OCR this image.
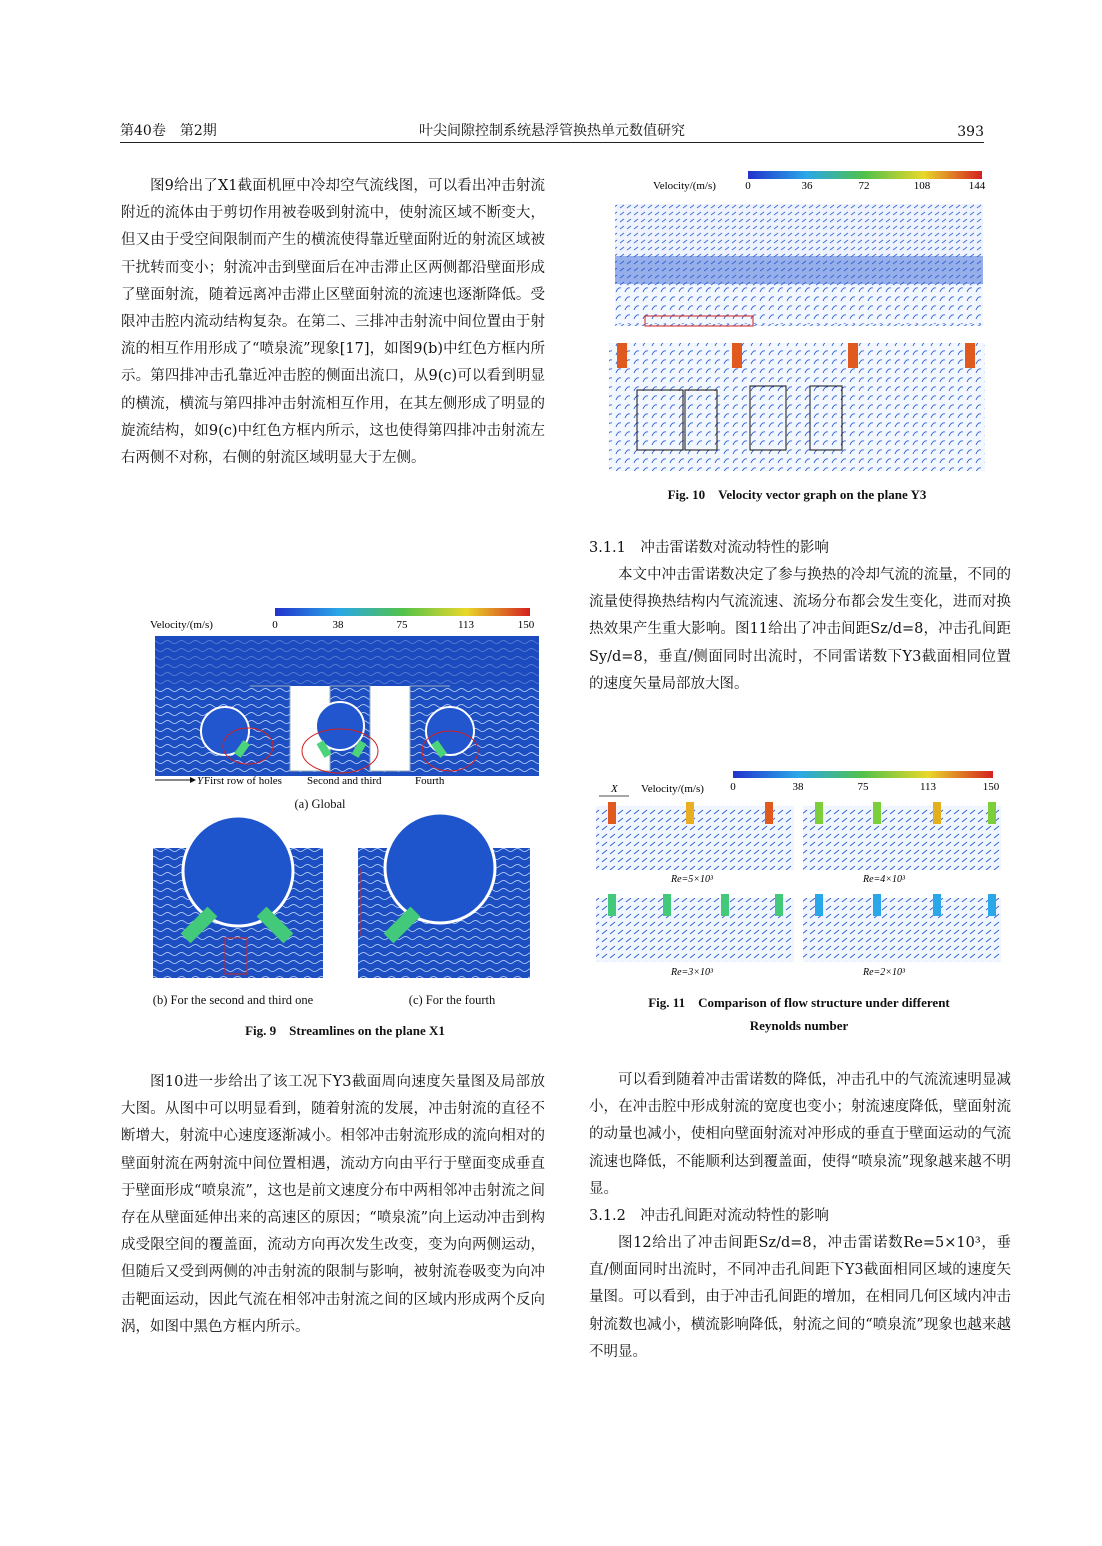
第40卷　第2期	叶尖间隙控制系统悬浮管换热单元数值研究	393

图9给出了X1截面机匣中冷却空气流线图，可以看出冲击射流附近的流体由于剪切作用被卷吸到射流中，使射流区域不断变大，但又由于受空间限制而产生的横流使得靠近壁面附近的射流区域被干扰转而变小；射流冲击到壁面后在冲击滞止区两侧都沿壁面形成了壁面射流，随着远离冲击滞止区壁面射流的流速也逐渐降低。受限冲击腔内流动结构复杂。在第二、三排冲击射流中间位置由于射流的相互作用形成了“喷泉流”现象[17]，如图9(b)中红色方框内所示。第四排冲击孔靠近冲击腔的侧面出流口，从9(c)可以看到明显的横流，横流与第四排冲击射流相互作用，在其左侧形成了明显的旋流结构，如9(c)中红色方框内所示，这也使得第四排冲击射流左右两侧不对称，右侧的射流区域明显大于左侧。

图10进一步给出了该工况下Y3截面周向速度矢量图及局部放大图。从图中可以明显看到，随着射流的发展，冲击射流的直径不断增大，射流中心速度逐渐减小。相邻冲击射流形成的流向相对的壁面射流在两射流中间位置相遇，流动方向由平行于壁面变成垂直于壁面形成“喷泉流”，这也是前文速度分布中两相邻冲击射流之间存在从壁面延伸出来的高速区的原因；“喷泉流”向上运动冲击到构成受限空间的覆盖面，流动方向再次发生改变，变为向两侧运动，但随后又受到两侧的冲击射流的限制与影响，被射流卷吸变为向冲击靶面运动，因此气流在相邻冲击射流之间的区域内形成两个反向涡，如图中黑色方框内所示。

Velocity/(m/s)	0	38	75	113	150
Y First row of holes Second and third	Fourth
(a) Global
(b) For the second and third one	(c) For the fourth
Fig. 9　Streamlines on the plane X1
Velocity/(m/s)	0	36	72	108	144
Fig. 10　Velocity vector graph on the plane Y3
3.1.1　冲击雷诺数对流动特性的影响

本文中冲击雷诺数决定了参与换热的冷却气流的流量，不同的流量使得换热结构内气流流速、流场分布都会发生变化，进而对换热效果产生重大影响。图11给出了冲击间距Sz/d=8，冲击孔间距Sy/d=8，垂直/侧面同时出流时，不同雷诺数下Y3截面相同位置的速度矢量局部放大图。

X Velocity/(m/s) 0	38	75	113	150
Re=5×10³	Re=4×10³
Re=3×10³	Re=2×10³
Fig. 11　Comparison of flow structure under different
Reynolds number

可以看到随着冲击雷诺数的降低，冲击孔中的气流流速明显减小，在冲击腔中形成射流的宽度也变小；射流速度降低，壁面射流的动量也减小，使相向壁面射流对冲形成的垂直于壁面运动的气流流速也降低，不能顺利达到覆盖面，使得“喷泉流”现象越来越不明显。

3.1.2　冲击孔间距对流动特性的影响

图12给出了冲击间距Sz/d=8，冲击雷诺数Re=5×10³，垂直/侧面同时出流时，不同冲击孔间距下Y3截面相同区域的速度矢量图。可以看到，由于冲击孔间距的增加，在相同几何区域内冲击射流数也减小，横流影响降低，射流之间的“喷泉流”现象也越来越不明显。
